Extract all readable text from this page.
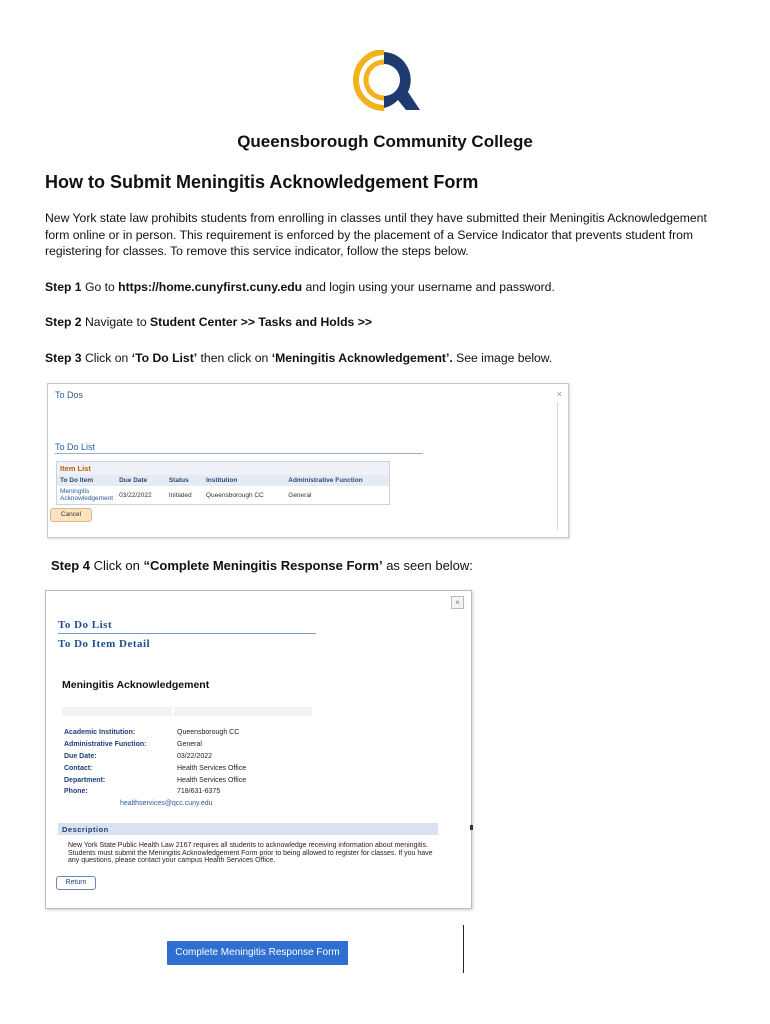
Queensborough Community College
How to Submit Meningitis Acknowledgement Form
New York state law prohibits students from enrolling in classes until they have submitted their Meningitis Acknowledgement form online or in person. This requirement is enforced by the placement of a Service Indicator that prevents student from registering for classes. To remove this service indicator, follow the steps below.
Step 1 Go to https://home.cunyfirst.cuny.edu and login using your username and password.
Step 2 Navigate to Student Center >> Tasks and Holds >>
Step 3 Click on ‘To Do List’ then click on ‘Meningitis Acknowledgement’. See image below.
To Dos	×
To Do List
Item List
To Do Item	Due Date	Status	Institution	Administrative Function
Meningitis Acknowledgement	03/22/2022	Initiated	Queensborough CC	General
Cancel
Step 4 Click on “Complete Meningitis Response Form’ as seen below:
×
To Do List
To Do Item Detail
Meningitis Acknowledgement
Academic Institution:	Queensborough CC
Administrative Function:	General
Due Date:	03/22/2022
Contact:	Health Services Office
Department:	Health Services Office
Phone:	718/631-6375
healthservices@qcc.cuny.edu
Description
New York State Public Health Law 2167 requires all students to acknowledge receiving information about meningitis. Students must submit the Meningitis Acknowledgement Form prior to being allowed to register for classes. If you have any questions, please contact your campus Health Services Office.
Return
Complete Meningitis Response Form
